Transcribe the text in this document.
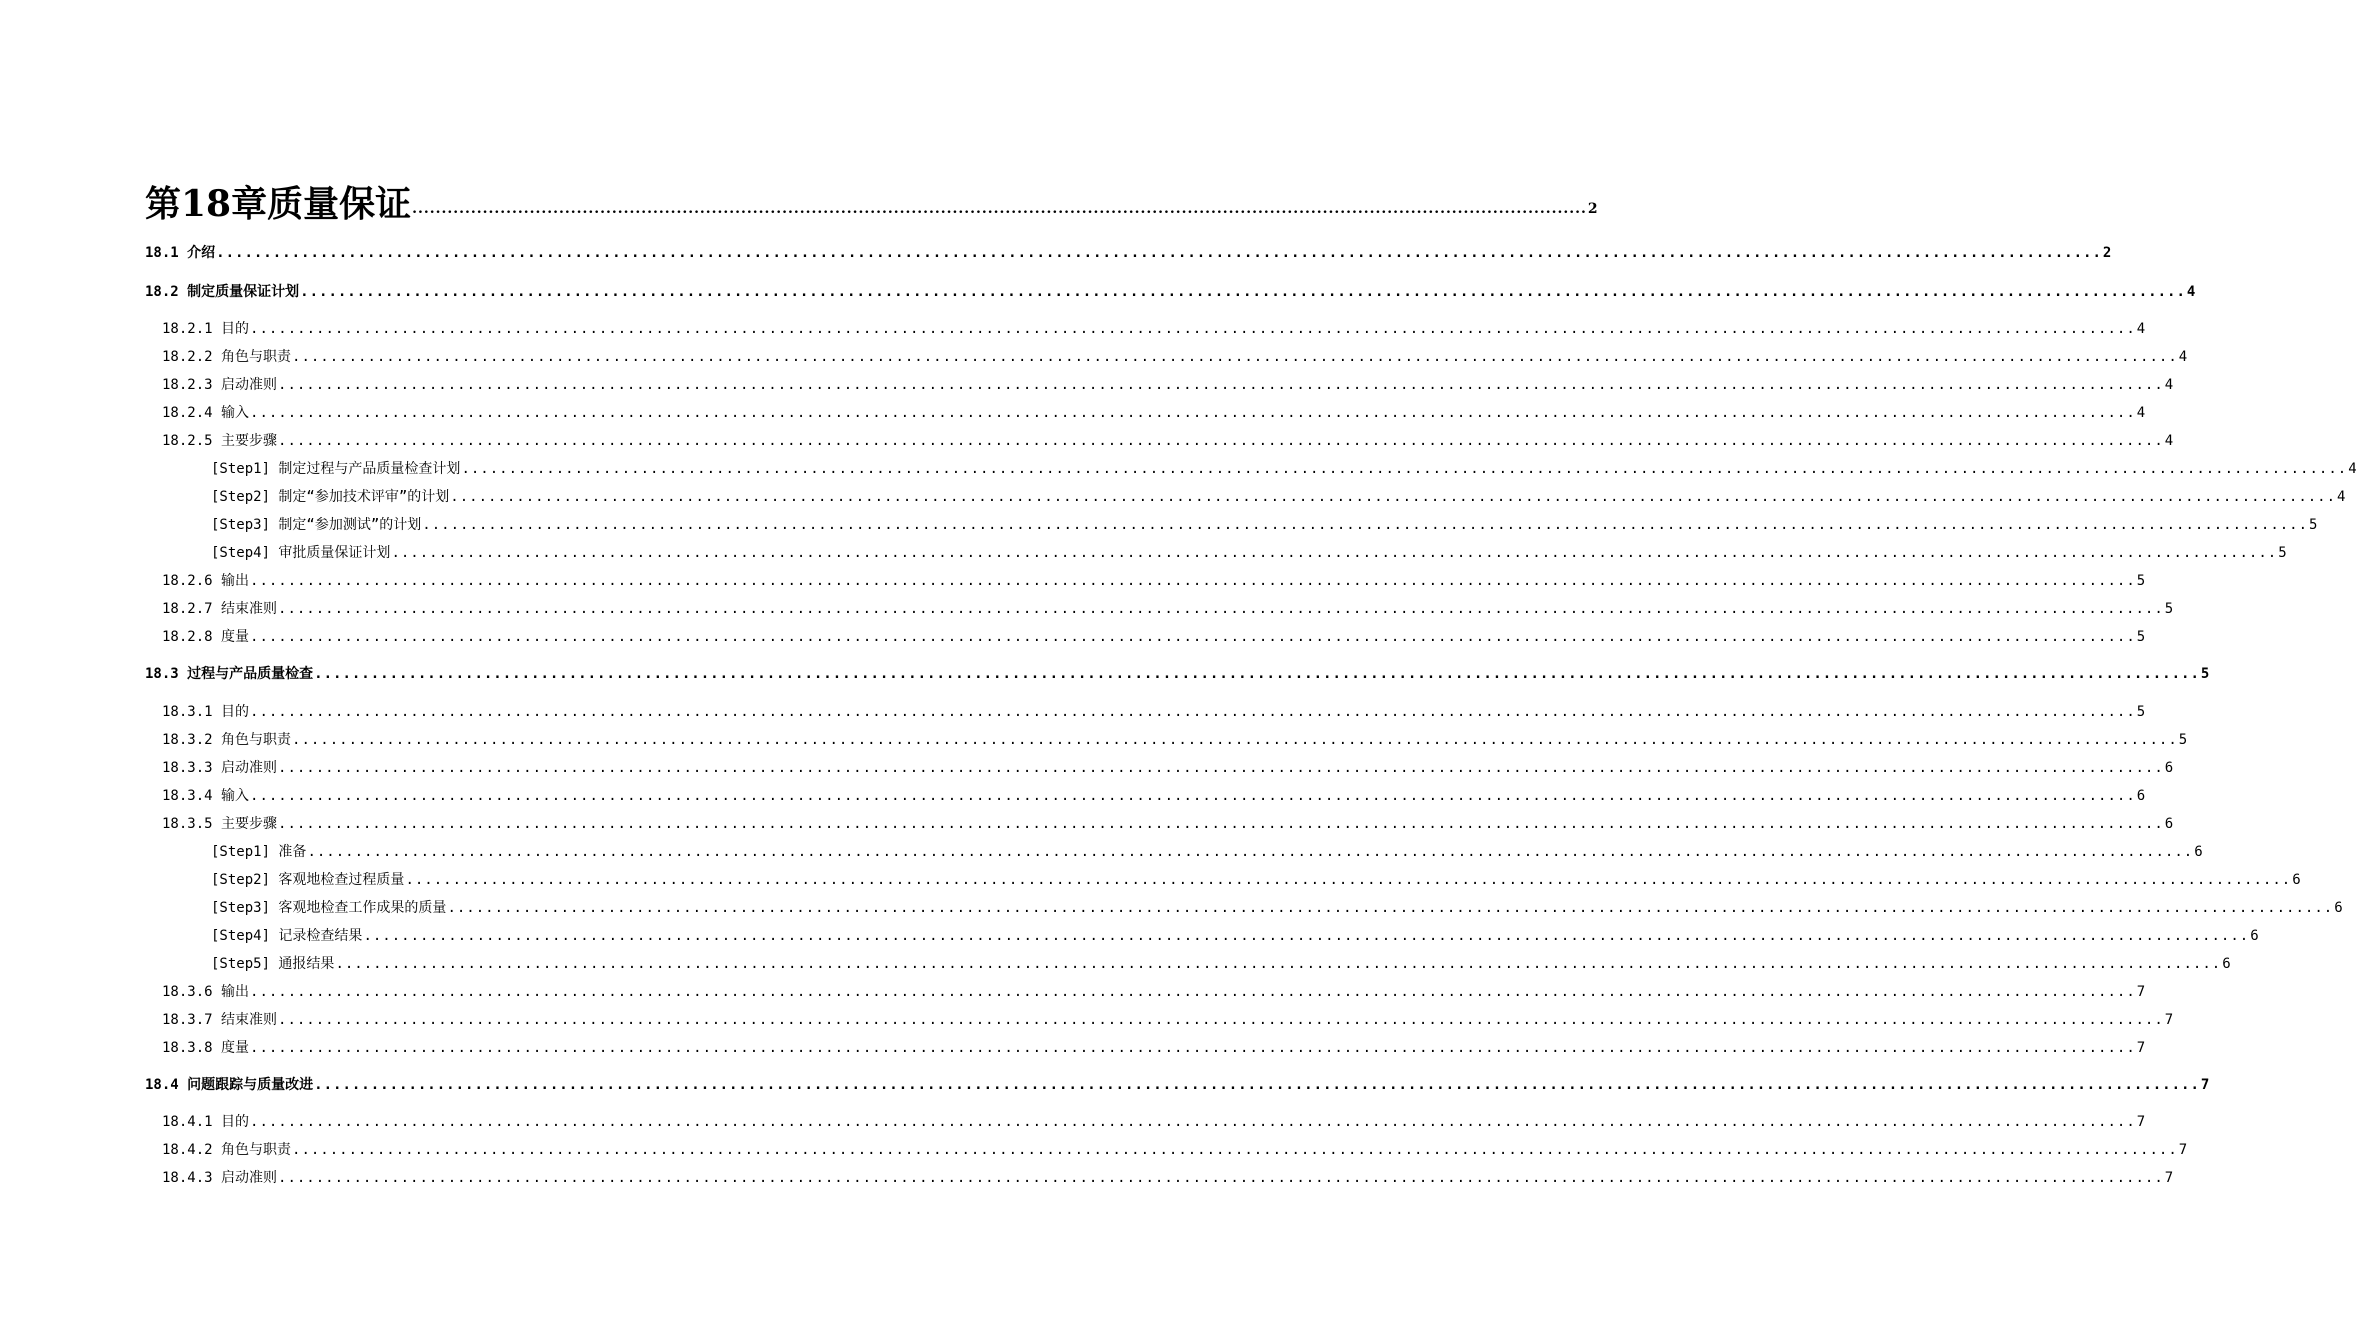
第18章质量保证 ........................................................................................................................................................................................................ 2
18.1 介绍 ........................................................................................................................................................................................................ 2
18.2 制定质量保证计划 ........................................................................................................................................................................................................ 4
18.2.1 目的 ........................................................................................................................................................................................................ 4
18.2.2 角色与职责 ........................................................................................................................................................................................................ 4
18.2.3 启动准则 ........................................................................................................................................................................................................ 4
18.2.4 输入 ........................................................................................................................................................................................................ 4
18.2.5 主要步骤 ........................................................................................................................................................................................................ 4
[Step1] 制定过程与产品质量检查计划 ........................................................................................................................................................................................................ 4
[Step2] 制定“参加技术评审”的计划 ........................................................................................................................................................................................................ 4
[Step3] 制定“参加测试”的计划 ........................................................................................................................................................................................................ 5
[Step4] 审批质量保证计划 ........................................................................................................................................................................................................ 5
18.2.6 输出 ........................................................................................................................................................................................................ 5
18.2.7 结束准则 ........................................................................................................................................................................................................ 5
18.2.8 度量 ........................................................................................................................................................................................................ 5
18.3 过程与产品质量检查 ........................................................................................................................................................................................................ 5
18.3.1 目的 ........................................................................................................................................................................................................ 5
18.3.2 角色与职责 ........................................................................................................................................................................................................ 5
18.3.3 启动准则 ........................................................................................................................................................................................................ 6
18.3.4 输入 ........................................................................................................................................................................................................ 6
18.3.5 主要步骤 ........................................................................................................................................................................................................ 6
[Step1] 准备 ........................................................................................................................................................................................................ 6
[Step2] 客观地检查过程质量 ........................................................................................................................................................................................................ 6
[Step3] 客观地检查工作成果的质量 ........................................................................................................................................................................................................ 6
[Step4] 记录检查结果 ........................................................................................................................................................................................................ 6
[Step5] 通报结果 ........................................................................................................................................................................................................ 6
18.3.6 输出 ........................................................................................................................................................................................................ 7
18.3.7 结束准则 ........................................................................................................................................................................................................ 7
18.3.8 度量 ........................................................................................................................................................................................................ 7
18.4 问题跟踪与质量改进 ........................................................................................................................................................................................................ 7
18.4.1 目的 ........................................................................................................................................................................................................ 7
18.4.2 角色与职责 ........................................................................................................................................................................................................ 7
18.4.3 启动准则 ........................................................................................................................................................................................................ 7
